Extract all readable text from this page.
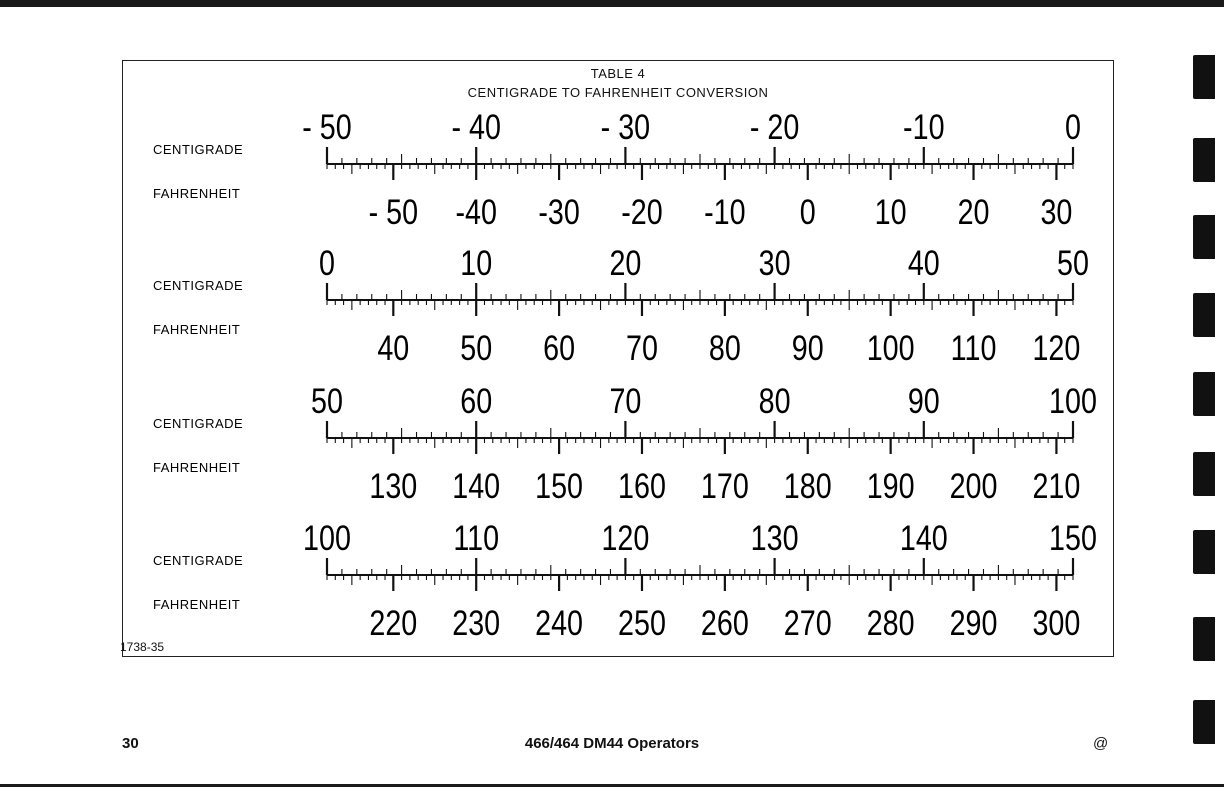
TABLE 4
CENTIGRADE TO FAHRENHEIT CONVERSION
CENTIGRADE
FAHRENHEIT
- 50	- 40	- 30	- 20	-10	0
- 50 -40 -30 -20 -10 0 10 20 30
CENTIGRADE
FAHRENHEIT
0	10	20	30	40	50
40 50 60 70 80 90 100 110 120
CENTIGRADE
FAHRENHEIT
50	60	70	80	90	100
130 140 150 160 170 180 190 200 210
CENTIGRADE
FAHRENHEIT
100	110	120	130	140	150
220 230 240 250 260 270 280 290 300
1738-35
30	466/464 DM44 Operators	@
